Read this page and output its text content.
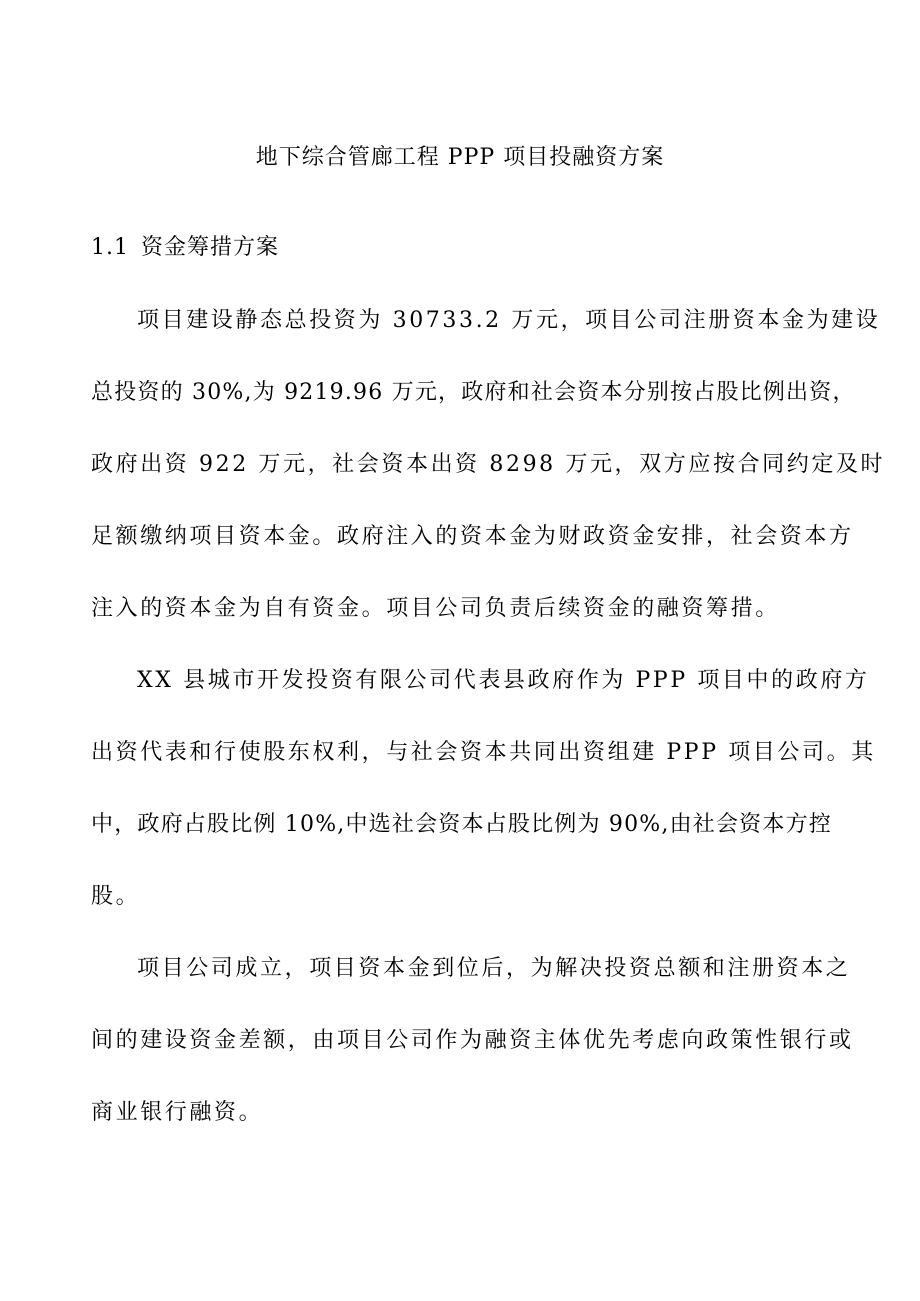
地下综合管廊工程 PPP 项目投融资方案
1.1 资金筹措方案
项目建设静态总投资为 30733.2 万元，项目公司注册资本金为建设
总投资的 30%,为 9219.96 万元，政府和社会资本分别按占股比例出资，
政府出资 922 万元，社会资本出资 8298 万元，双方应按合同约定及时
足额缴纳项目资本金。政府注入的资本金为财政资金安排，社会资本方
注入的资本金为自有资金。项目公司负责后续资金的融资筹措。
XX 县城市开发投资有限公司代表县政府作为 PPP 项目中的政府方
出资代表和行使股东权利，与社会资本共同出资组建 PPP 项目公司。其
中，政府占股比例 10%,中选社会资本占股比例为 90%,由社会资本方控
股。
项目公司成立，项目资本金到位后，为解决投资总额和注册资本之
间的建设资金差额，由项目公司作为融资主体优先考虑向政策性银行或
商业银行融资。
